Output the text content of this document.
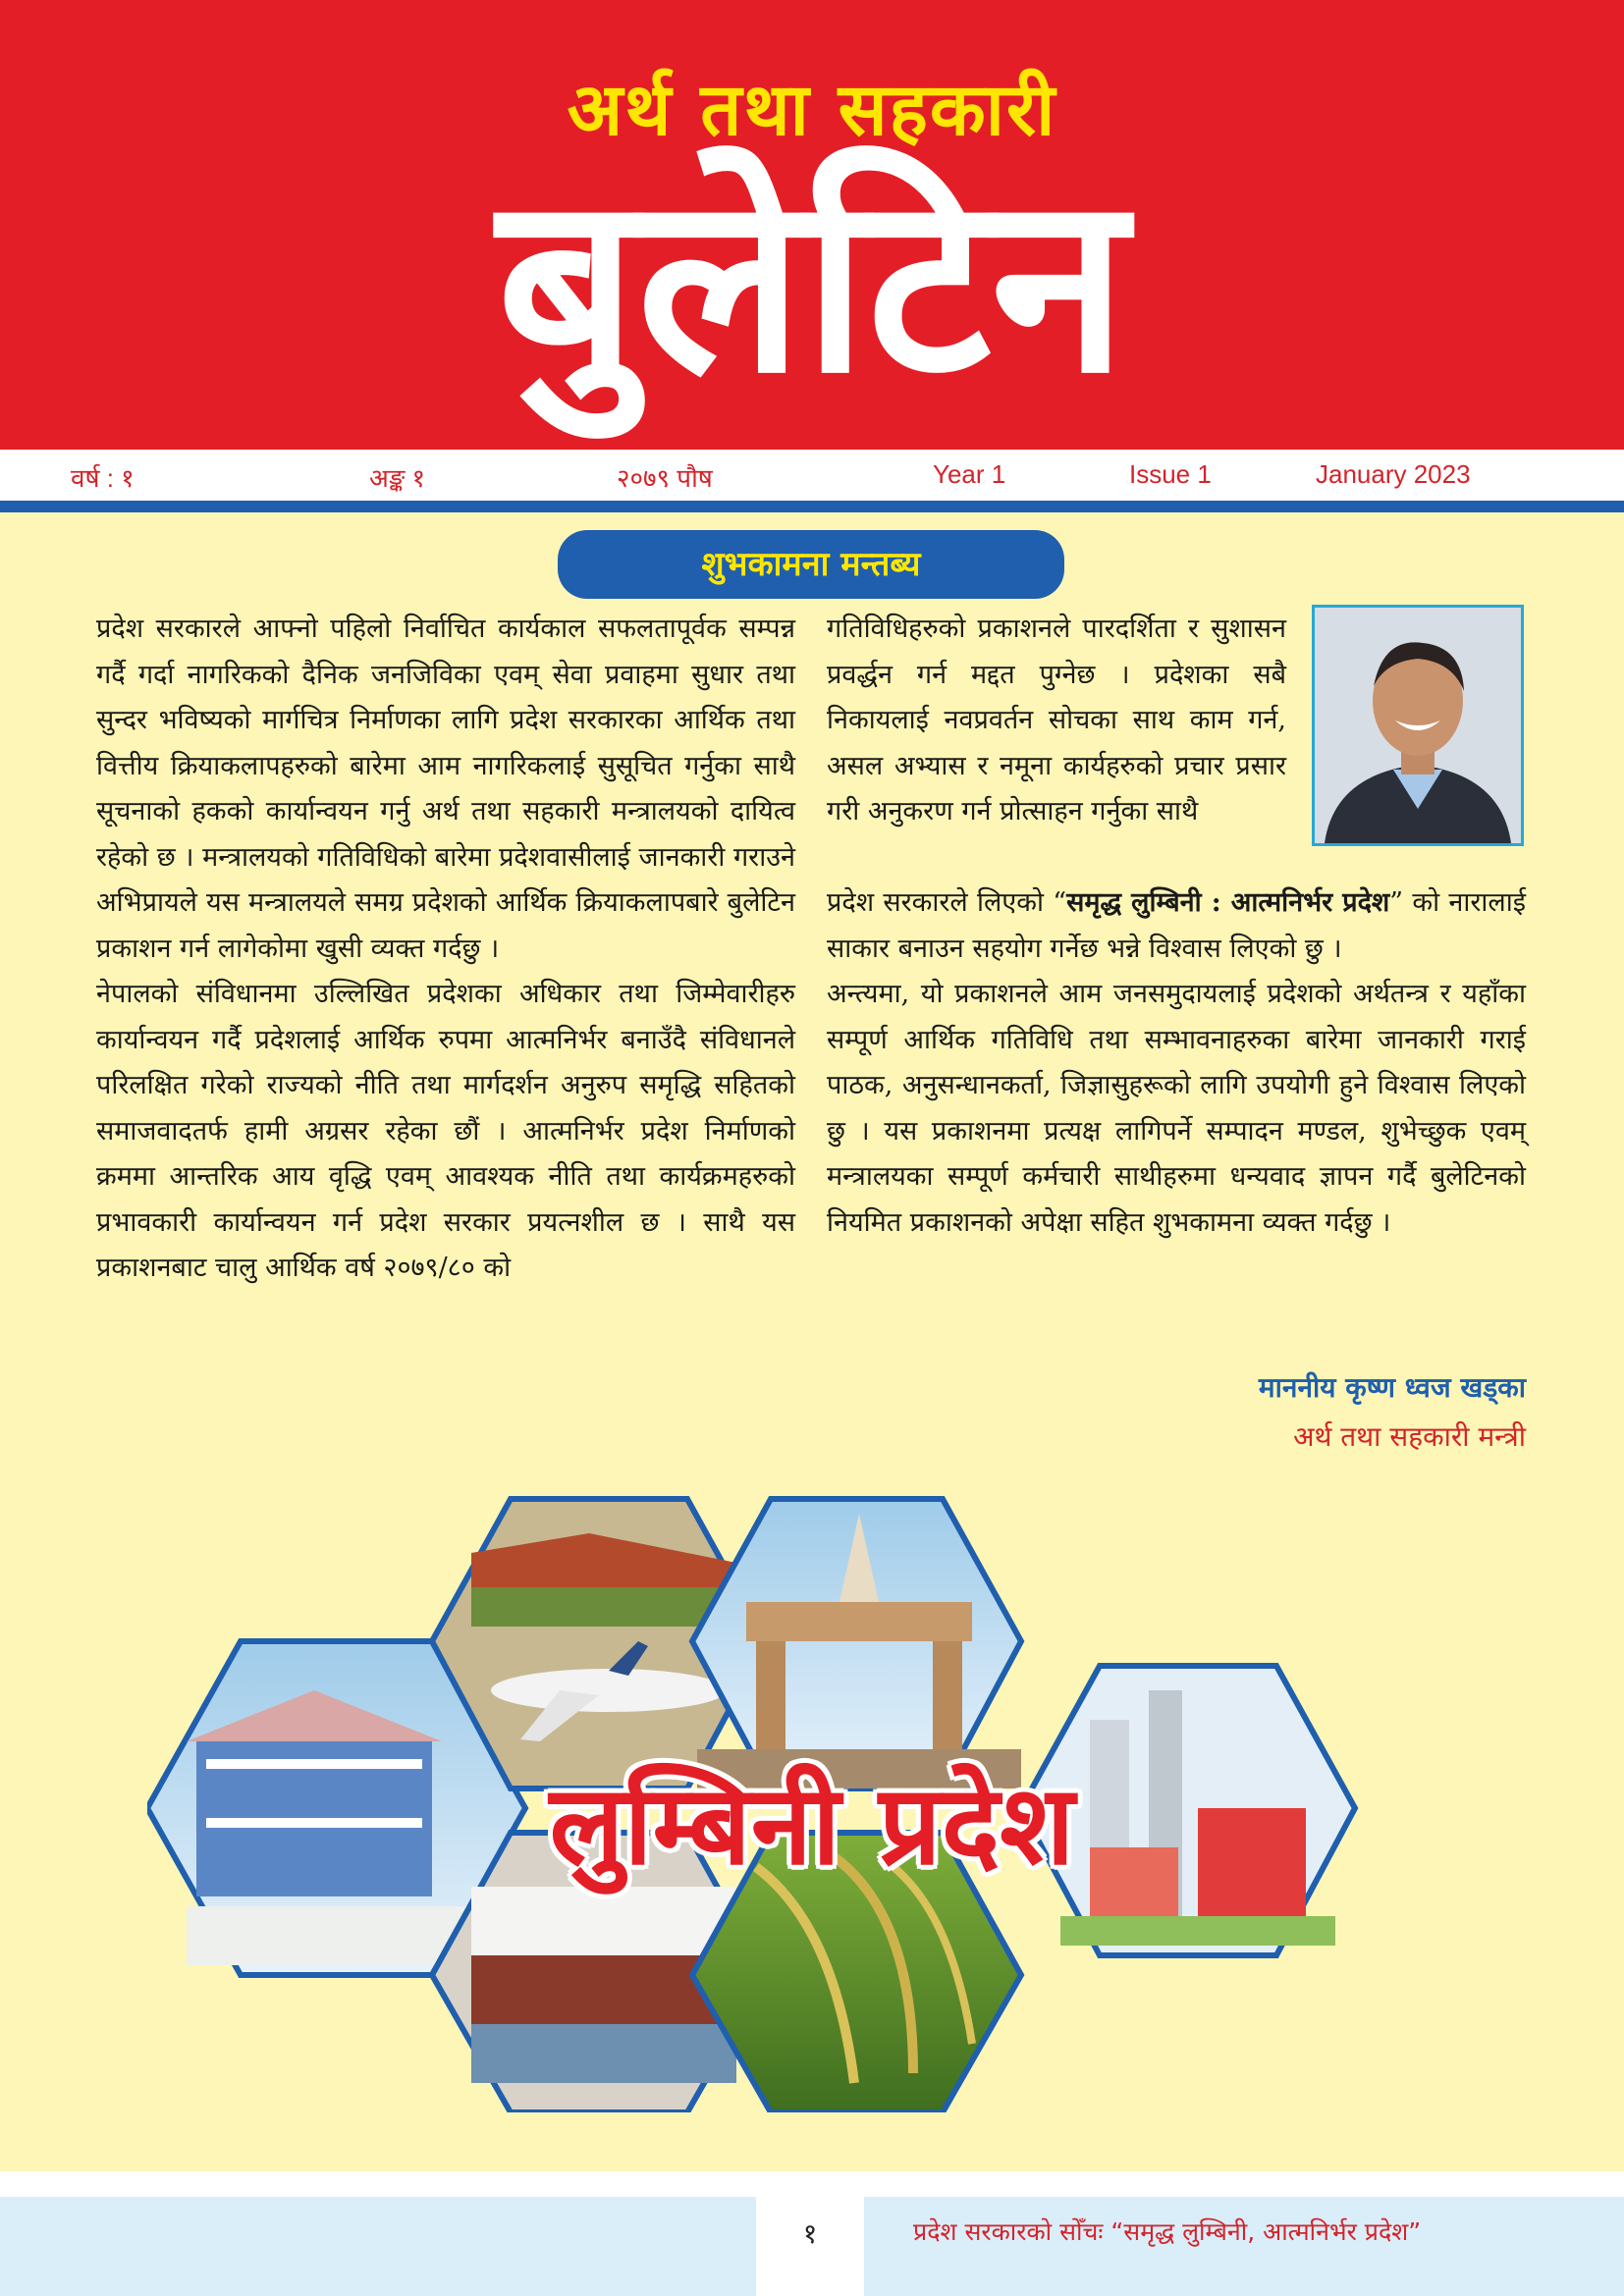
अर्थ तथा सहकारी
बुलेटिन
वर्ष : १	अङ्क १	२०७९ पौष	Year 1	Issue 1	January 2023
शुभकामना मन्तब्य

प्रदेश सरकारले आफ्नो पहिलो निर्वाचित कार्यकाल सफलतापूर्वक सम्पन्न गर्दै गर्दा नागरिकको दैनिक जनजिविका एवम् सेवा प्रवाहमा सुधार तथा सुन्दर भविष्यको मार्गचित्र निर्माणका लागि प्रदेश सरकारका आर्थिक तथा वित्तीय क्रियाकलापहरुको बारेमा आम नागरिकलाई सुसूचित गर्नुका साथै सूचनाको हकको कार्यान्वयन गर्नु अर्थ तथा सहकारी मन्त्रालयको दायित्व रहेको छ । मन्त्रालयको गतिविधिको बारेमा प्रदेशवासीलाई जानकारी गराउने अभिप्रायले यस मन्त्रालयले समग्र प्रदेशको आर्थिक क्रियाकलापबारे बुलेटिन प्रकाशन गर्न लागेकोमा खुसी व्यक्त गर्दछु ।

नेपालको संविधानमा उल्लिखित प्रदेशका अधिकार तथा जिम्मेवारीहरु कार्यान्वयन गर्दै प्रदेशलाई आर्थिक रुपमा आत्मनिर्भर बनाउँदै संविधानले परिलक्षित गरेको राज्यको नीति तथा मार्गदर्शन अनुरुप समृद्धि सहितको समाजवादतर्फ हामी अग्रसर रहेका छौं । आत्मनिर्भर प्रदेश निर्माणको क्रममा आन्तरिक आय वृद्धि एवम् आवश्यक नीति तथा कार्यक्रमहरुको प्रभावकारी कार्यान्वयन गर्न प्रदेश सरकार प्रयत्नशील छ । साथै यस प्रकाशनबाट चालु आर्थिक वर्ष २०७९/८० को

गतिविधिहरुको प्रकाशनले पारदर्शिता र सुशासन प्रवर्द्धन गर्न मद्दत पुग्नेछ । प्रदेशका सबै निकायलाई नवप्रवर्तन सोचका साथ काम गर्न, असल अभ्यास र नमूना कार्यहरुको प्रचार प्रसार गरी अनुकरण गर्न प्रोत्साहन गर्नुका साथै

प्रदेश सरकारले लिएको “समृद्ध लुम्बिनी : आत्मनिर्भर प्रदेश” को नारालाई साकार बनाउन सहयोग गर्नेछ भन्ने विश्वास लिएको छु ।

अन्त्यमा, यो प्रकाशनले आम जनसमुदायलाई प्रदेशको अर्थतन्त्र र यहाँका सम्पूर्ण आर्थिक गतिविधि तथा सम्भावनाहरुका बारेमा जानकारी गराई पाठक, अनुसन्धानकर्ता, जिज्ञासुहरूको लागि उपयोगी हुने विश्वास लिएको छु । यस प्रकाशनमा प्रत्यक्ष लागिपर्ने सम्पादन मण्डल, शुभेच्छुक एवम् मन्त्रालयका सम्पूर्ण कर्मचारी साथीहरुमा धन्यवाद ज्ञापन गर्दै बुलेटिनको नियमित प्रकाशनको अपेक्षा सहित शुभकामना व्यक्त गर्दछु ।

माननीय कृष्ण ध्वज खड्का
अर्थ तथा सहकारी मन्त्री
लुम्बिनी प्रदेश
१	प्रदेश सरकारको सोँचः “समृद्ध लुम्बिनी, आत्मनिर्भर प्रदेश”
